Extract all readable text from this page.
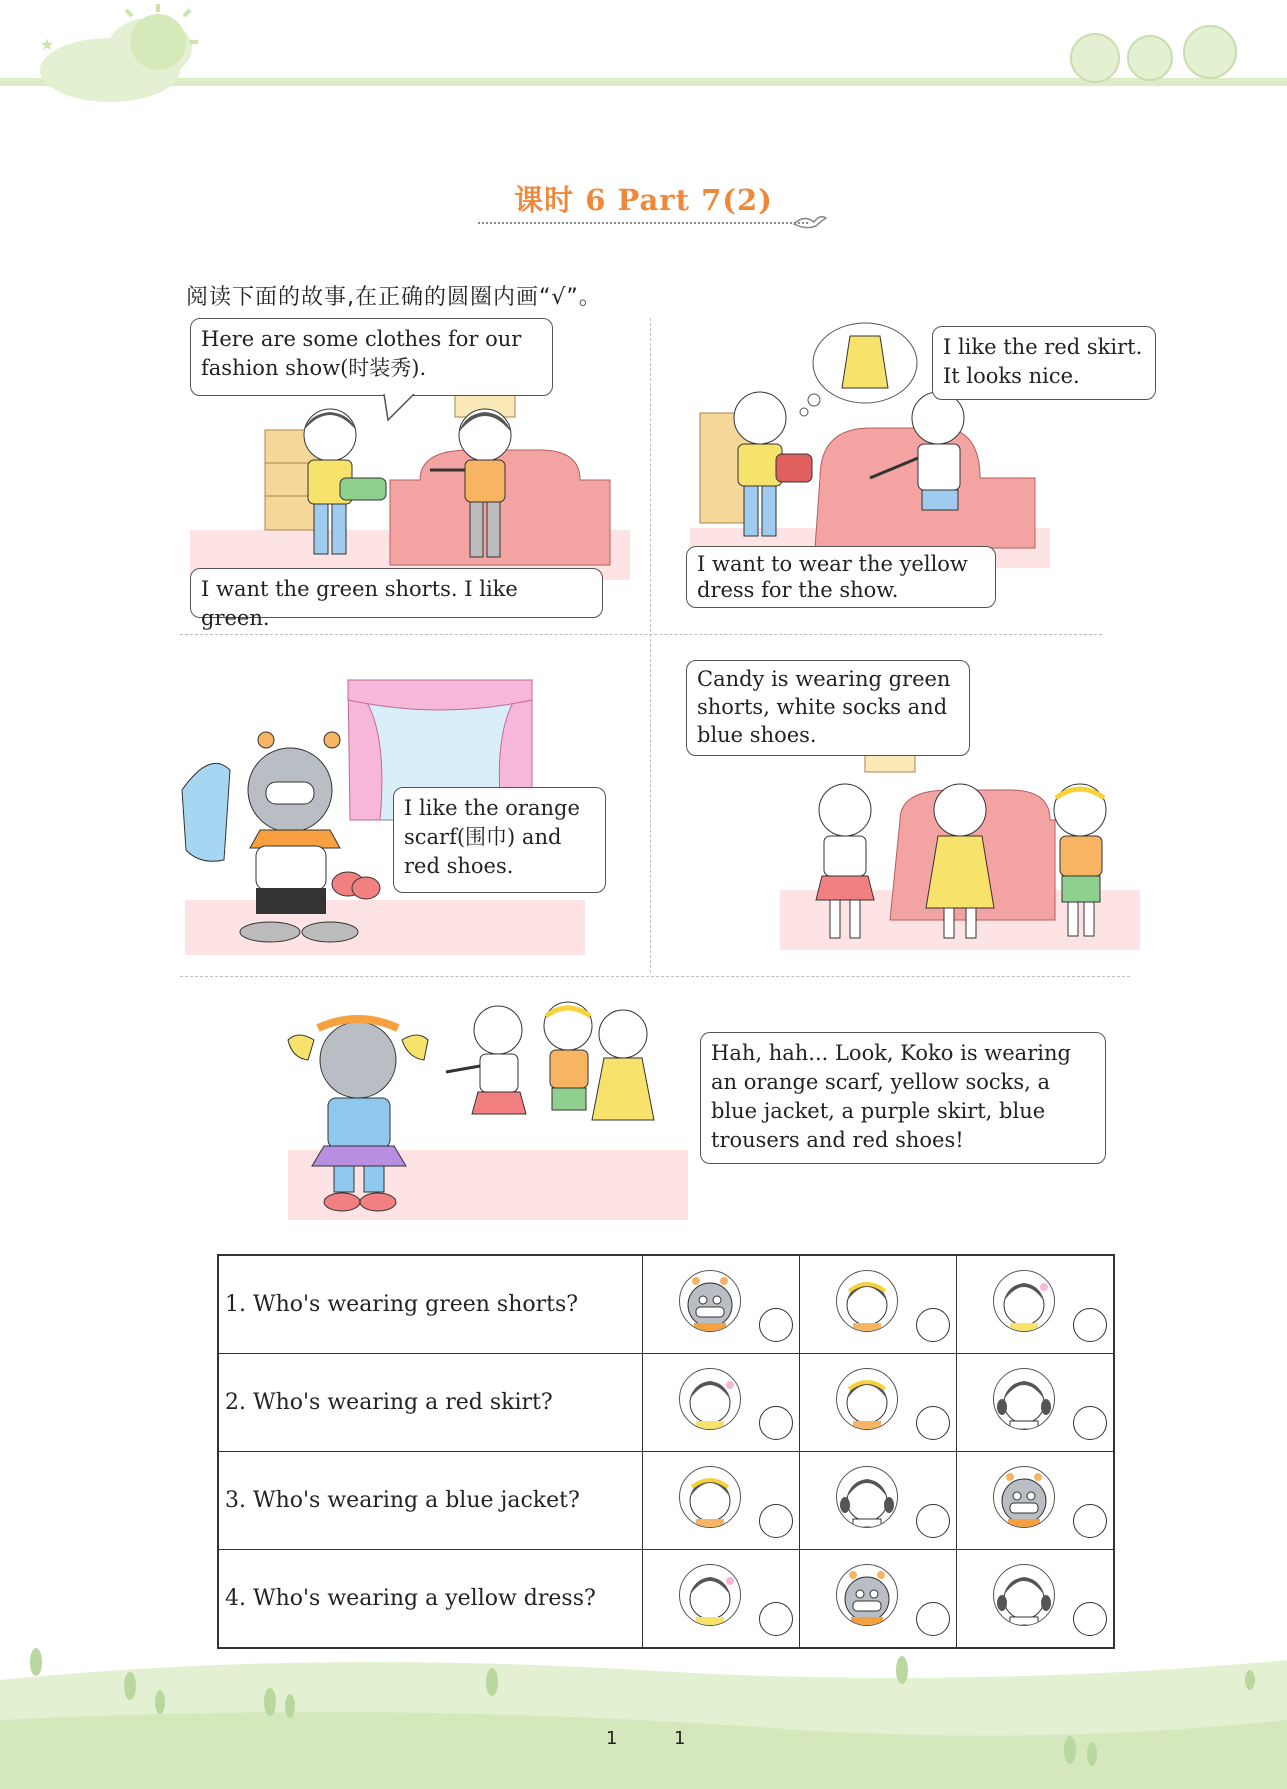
★
课时 6 Part 7(2)
阅读下面的故事,在正确的圆圈内画“√”。
Here are some clothes for our fashion show(时装秀).
I want the green shorts. I like green.
I like the red skirt. It looks nice.
I want to wear the yellow dress for the show.
I like the orange scarf(围巾) and red shoes.
Candy is wearing green shorts, white socks and blue shoes.
Hah, hah... Look, Koko is wearing an orange scarf, yellow socks, a blue jacket, a purple skirt, blue trousers and red shoes!
1. Who's wearing green shorts?	

2. Who's wearing a red skirt?	

3. Who's wearing a blue jacket?	

4. Who's wearing a yellow dress?	

1	1
